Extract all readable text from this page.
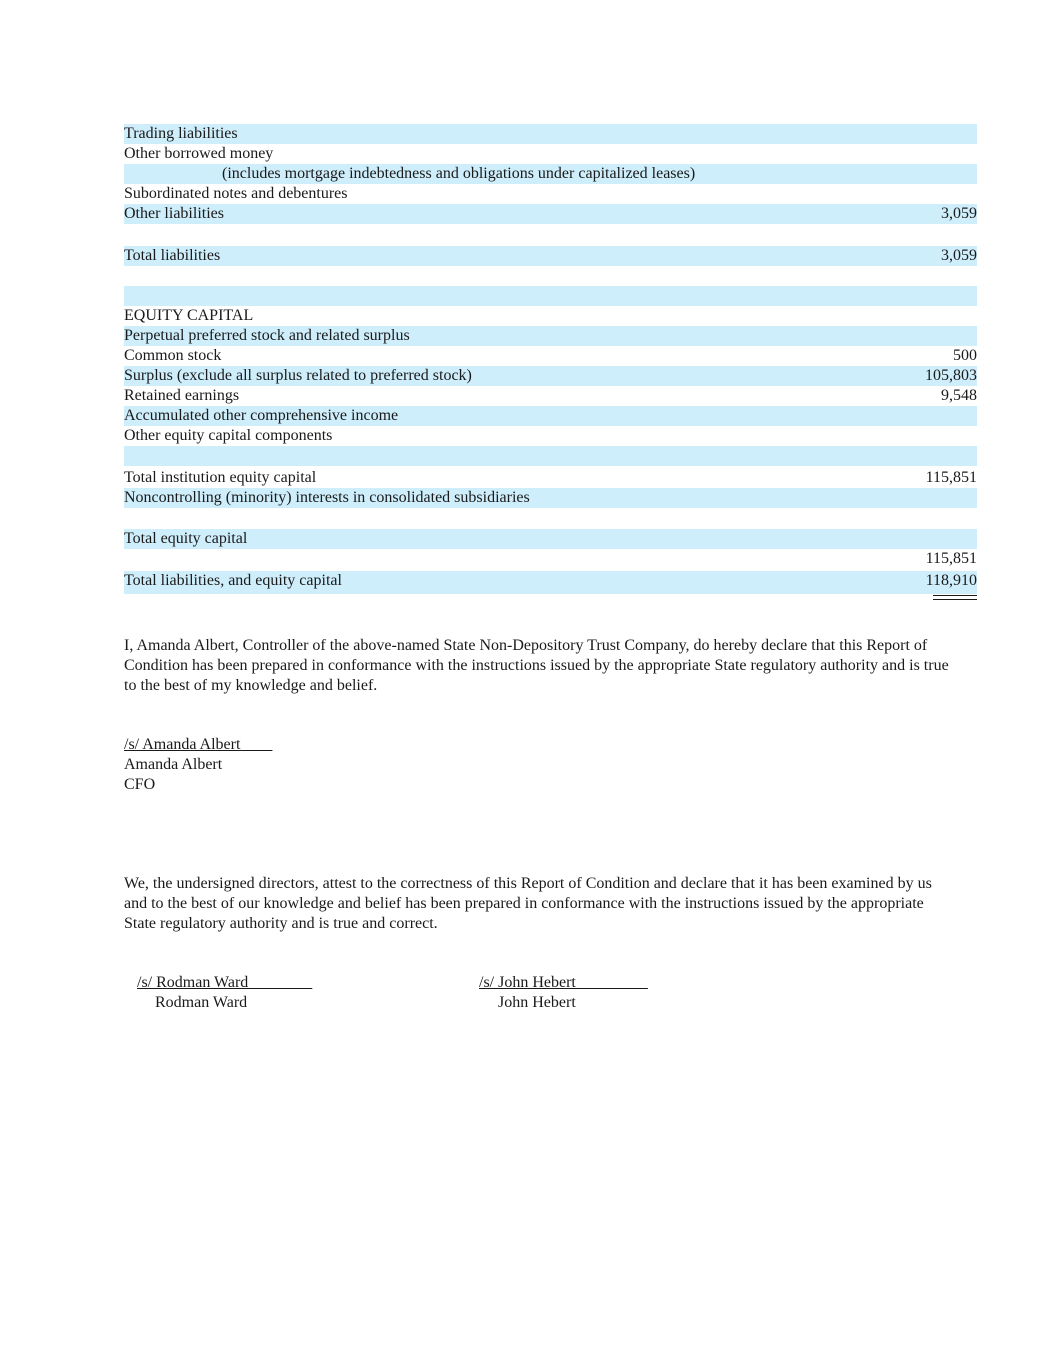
Trading liabilities
Other borrowed money
(includes mortgage indebtedness and obligations under capitalized leases)
Subordinated notes and debentures
Other liabilities	3,059
Total liabilities	3,059
EQUITY CAPITAL
Perpetual preferred stock and related surplus
Common stock	500
Surplus (exclude all surplus related to preferred stock)	105,803
Retained earnings	9,548
Accumulated other comprehensive income
Other equity capital components
Total institution equity capital	115,851
Noncontrolling (minority) interests in consolidated subsidiaries
Total equity capital
115,851
Total liabilities, and equity capital	118,910

I, Amanda Albert, Controller of the above-named State Non-Depository Trust Company, do hereby declare that this Report of Condition has been prepared in conformance with the instructions issued by the appropriate State regulatory authority and is true to the best of my knowledge and belief.

/s/ Amanda Albert
Amanda Albert
CFO

We, the undersigned directors, attest to the correctness of this Report of Condition and declare that it has been examined by us and to the best of our knowledge and belief has been prepared in conformance with the instructions issued by the appropriate State regulatory authority and is true and correct.

/s/ Rodman Ward
Rodman Ward
/s/ John Hebert
John Hebert
